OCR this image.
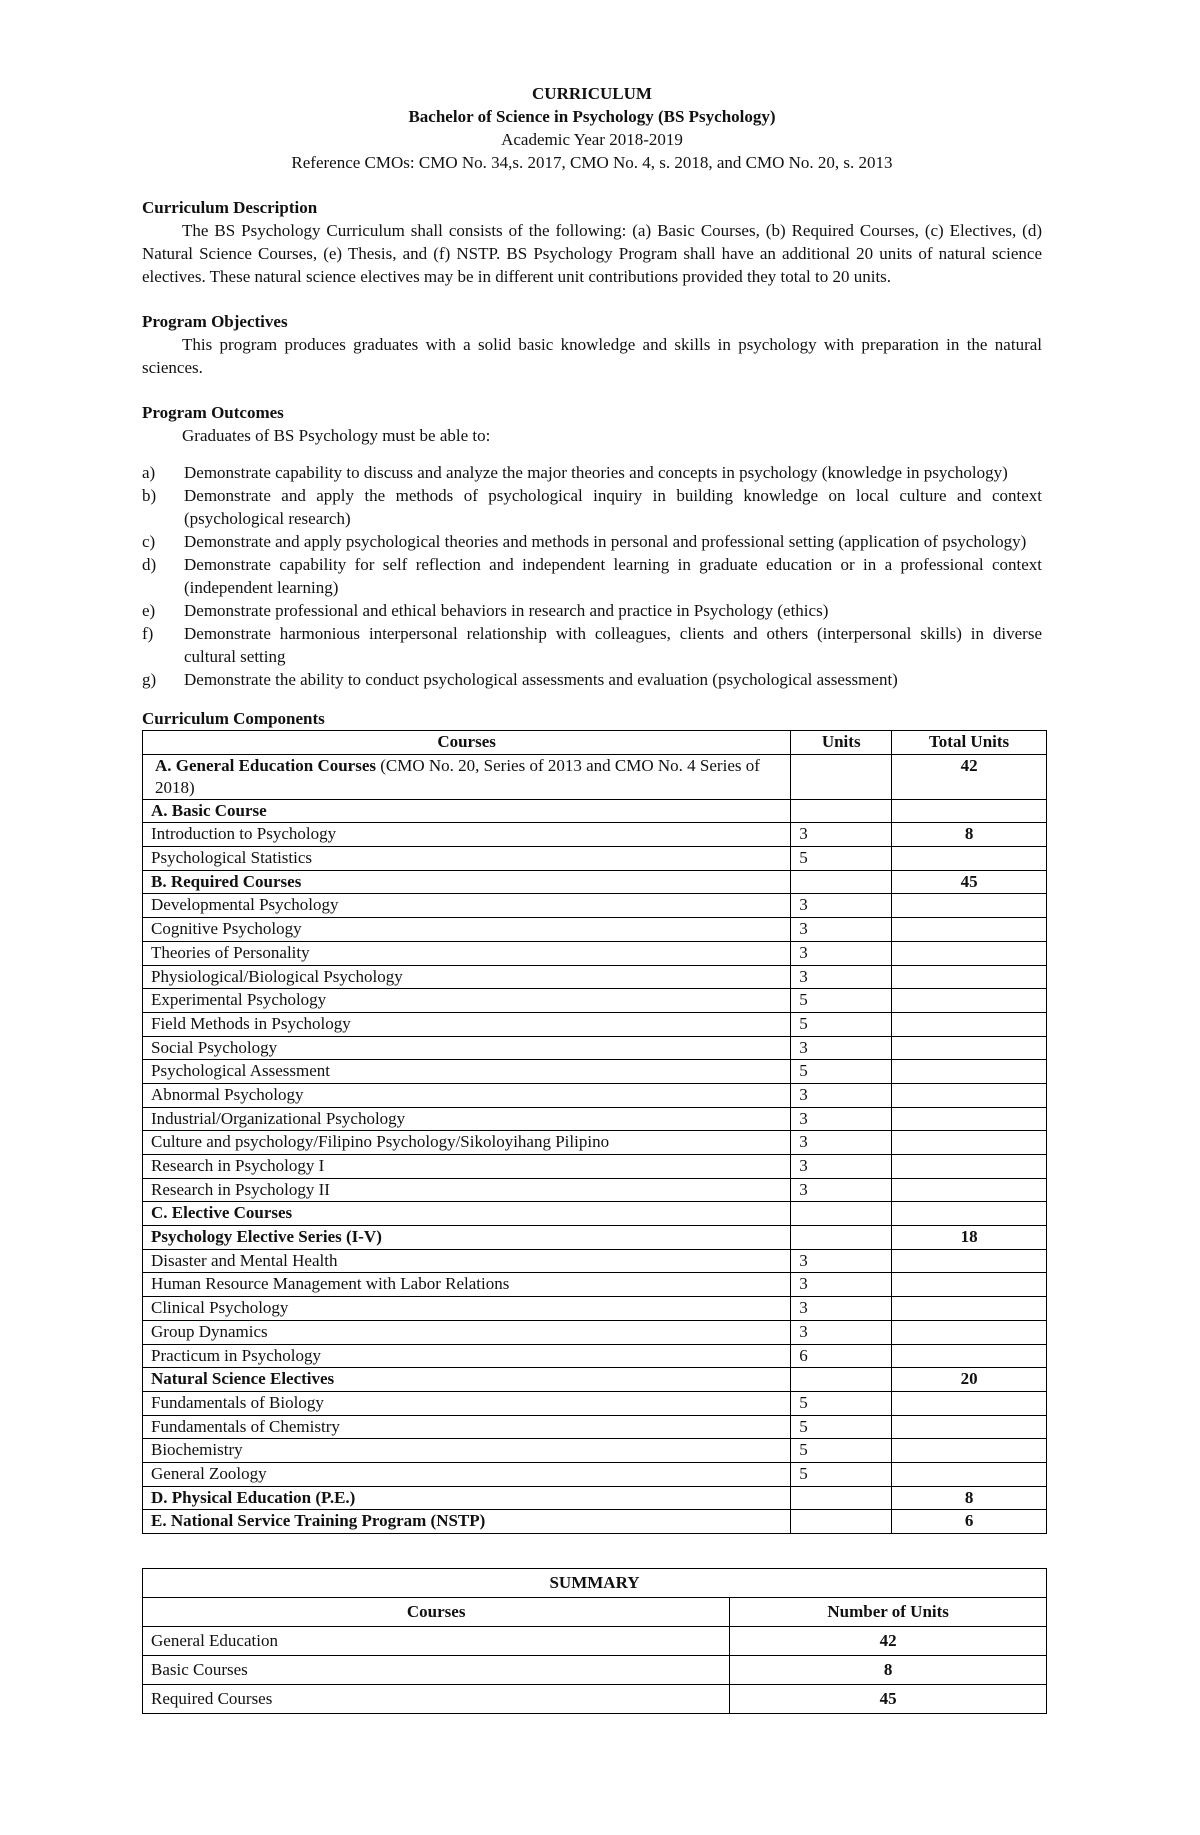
CURRICULUM
Bachelor of Science in Psychology (BS Psychology)
Academic Year 2018-2019
Reference CMOs: CMO No. 34,s. 2017, CMO No. 4, s. 2018, and CMO No. 20, s. 2013
Curriculum Description
The BS Psychology Curriculum shall consists of the following: (a) Basic Courses, (b) Required Courses, (c) Electives, (d) Natural Science Courses, (e) Thesis, and (f) NSTP. BS Psychology Program shall have an additional 20 units of natural science electives. These natural science electives may be in different unit contributions provided they total to 20 units.
Program Objectives
This program produces graduates with a solid basic knowledge and skills in psychology with preparation in the natural sciences.
Program Outcomes
Graduates of BS Psychology must be able to:
a)	Demonstrate capability to discuss and analyze the major theories and concepts in psychology (knowledge in psychology)
b)	Demonstrate and apply the methods of psychological inquiry in building knowledge on local culture and context (psychological research)
c)	Demonstrate and apply psychological theories and methods in personal and professional setting (application of psychology)
d)	Demonstrate capability for self reflection and independent learning in graduate education or in a professional context (independent learning)
e)	Demonstrate professional and ethical behaviors in research and practice in Psychology (ethics)
f)	Demonstrate harmonious interpersonal relationship with colleagues, clients and others (interpersonal skills) in diverse cultural setting
g)	Demonstrate the ability to conduct psychological assessments and evaluation (psychological assessment)
Curriculum Components
Courses	Units	Total Units
A. General Education Courses (CMO No. 20, Series of 2013 and CMO No. 4 Series of 2018)		42
A. Basic Course		
Introduction to Psychology	3	8
Psychological Statistics	5	
B. Required Courses		45
Developmental Psychology	3	
Cognitive Psychology	3	
Theories of Personality	3	
Physiological/Biological Psychology	3	
Experimental Psychology	5	
Field Methods in Psychology	5	
Social Psychology	3	
Psychological Assessment	5	
Abnormal Psychology	3	
Industrial/Organizational Psychology	3	
Culture and psychology/Filipino Psychology/Sikoloyihang Pilipino	3	
Research in Psychology I	3	
Research in Psychology II	3	
C. Elective Courses		
Psychology Elective Series (I-V)		18
Disaster and Mental Health	3	
Human Resource Management with Labor Relations	3	
Clinical Psychology	3	
Group Dynamics	3	
Practicum in Psychology	6	
Natural Science Electives		20
Fundamentals of Biology	5	
Fundamentals of Chemistry	5	
Biochemistry	5	
General Zoology	5	
D. Physical Education (P.E.)		8
E. National Service Training Program (NSTP)		6
SUMMARY	
Courses	Number of Units
General Education	42
Basic Courses	8
Required Courses	45
